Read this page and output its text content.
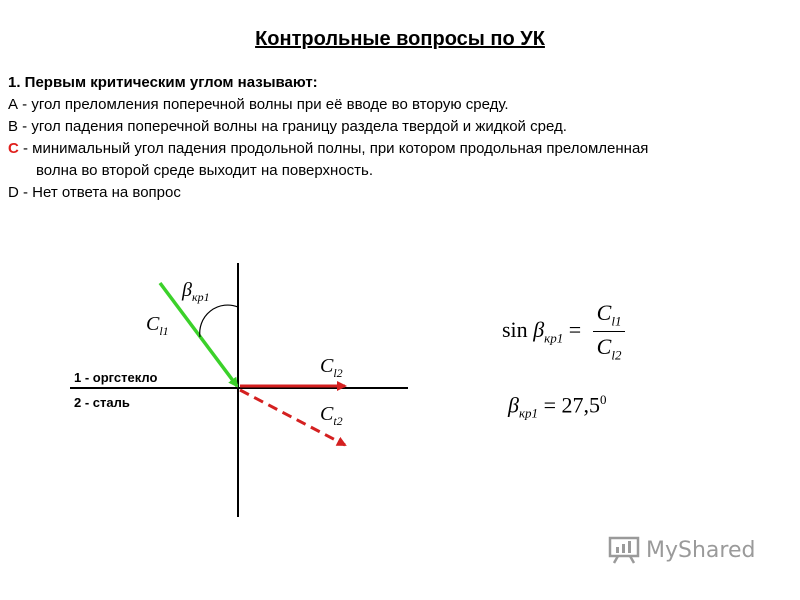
Контрольные вопросы по УК
1. Первым критическим углом называют:
А - угол преломления поперечной волны при её вводе во вторую среду.
В - угол падения поперечной волны на границу раздела твердой и жидкой сред.
С - минимальный угол падения продольной полны, при котором продольная преломленная
волна во второй среде выходит на поверхность.
D - Нет ответа на вопрос
1 - оргстекло
2 - сталь
$\beta_{кр1}$
$C_{l1}$
$C_{l2}$
$C_{t2}$
$\sin \beta_{кр1} = \frac{C_{l1}}{C_{l2}}$
$\beta_{кр1} = 27,5^0$
MyShared
